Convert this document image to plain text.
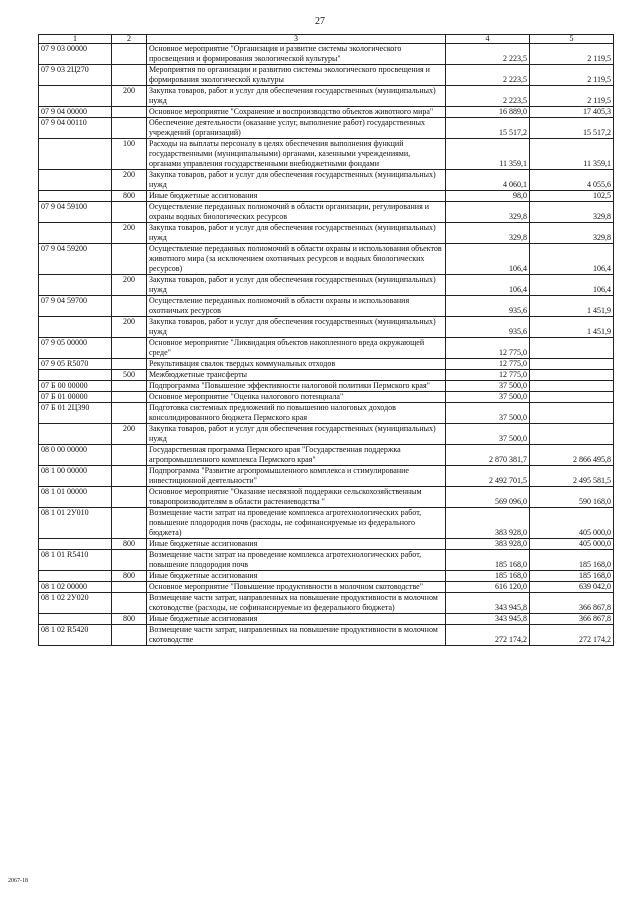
27
1	2	3	4	5
07 9 03 00000		Основное мероприятие "Организация и развитие системы экологического просвещения и формирования экологической культуры"	2 223,5	2 119,5
07 9 03 2Ц270		Мероприятия по организации и развитию системы экологического просвещения и формирования экологической культуры	2 223,5	2 119,5
	200	Закупка товаров, работ и услуг для обеспечения государственных (муниципальных) нужд	2 223,5	2 119,5
07 9 04 00000		Основное мероприятие "Сохранение и воспроизводство объектов животного мира"	16 889,0	17 405,3
07 9 04 00110		Обеспечение деятельности (оказание услуг, выполнение работ) государственных учреждений (организаций)	15 517,2	15 517,2
	100	Расходы на выплаты персоналу в целях обеспечения выполнения функций государственными (муниципальными) органами, казенными учреждениями, органами управления государственными внебюджетными фондами	11 359,1	11 359,1
	200	Закупка товаров, работ и услуг для обеспечения государственных (муниципальных) нужд	4 060,1	4 055,6
	800	Иные бюджетные ассигнования	98,0	102,5
07 9 04 59100		Осуществление переданных полномочий в области организации, регулирования и охраны водных биологических ресурсов	329,8	329,8
	200	Закупка товаров, работ и услуг для обеспечения государственных (муниципальных) нужд	329,8	329,8
07 9 04 59200		Осуществление переданных полномочий в области охраны и использования объектов животного мира (за исключением охотничьих ресурсов и водных биологических ресурсов)	106,4	106,4
	200	Закупка товаров, работ и услуг для обеспечения государственных (муниципальных) нужд	106,4	106,4
07 9 04 59700		Осуществление переданных полномочий в области охраны и использования охотничьих ресурсов	935,6	1 451,9
	200	Закупка товаров, работ и услуг для обеспечения государственных (муниципальных) нужд	935,6	1 451,9
07 9 05 00000		Основное мероприятие "Ликвидация объектов накопленного вреда окружающей среде"	12 775,0	
07 9 05 R5070		Рекультивация свалок твердых коммунальных отходов	12 775,0	
	500	Межбюджетные трансферты	12 775,0	
07 Б 00 00000		Подпрограмма "Повышение эффективности налоговой политики Пермского края"	37 500,0	
07 Б 01 00000		Основное мероприятие "Оценка налогового потенциала"	37 500,0	
07 Б 01 2Ц390		Подготовка системных предложений по повышению налоговых доходов консолидированного бюджета Пермского края	37 500,0	
	200	Закупка товаров, работ и услуг для обеспечения государственных (муниципальных) нужд	37 500,0	
08 0 00 00000		Государственная программа Пермского края "Государственная поддержка агропромышленного комплекса Пермского края"	2 870 381,7	2 866 495,8
08 1 00 00000		Подпрограмма "Развитие агропромышленного комплекса и стимулирование инвестиционной деятельности"	2 492 701,5	2 495 581,5
08 1 01 00000		Основное мероприятие "Оказание несвязной поддержки сельскохозяйственным товаропроизводителям в области растениеводства "	569 096,0	590 168,0
08 1 01 2У010		Возмещение части затрат на проведение комплекса агротехнологических работ, повышение плодородия почв (расходы, не софинансируемые из федерального бюджета)	383 928,0	405 000,0
	800	Иные бюджетные ассигнования	383 928,0	405 000,0
08 1 01 R5410		Возмещение части затрат на проведение комплекса агротехнологических работ, повышение плодородия почв	185 168,0	185 168,0
	800	Иные бюджетные ассигнования	185 168,0	185 168,0
08 1 02 00000		Основное мероприятие "Повышение продуктивности в молочном скотоводстве"	616 120,0	639 042,0
08 1 02 2У020		Возмещение части затрат, направленных на повышение продуктивности в молочном скотоводстве (расходы, не софинансируемые из федерального бюджета)	343 945,8	366 867,8
	800	Иные бюджетные ассигнования	343 945,8	366 867,8
08 1 02 R5420		Возмещение части затрат, направленных на повышение продуктивности в молочном скотоводстве	272 174,2	272 174,2
2067-18
